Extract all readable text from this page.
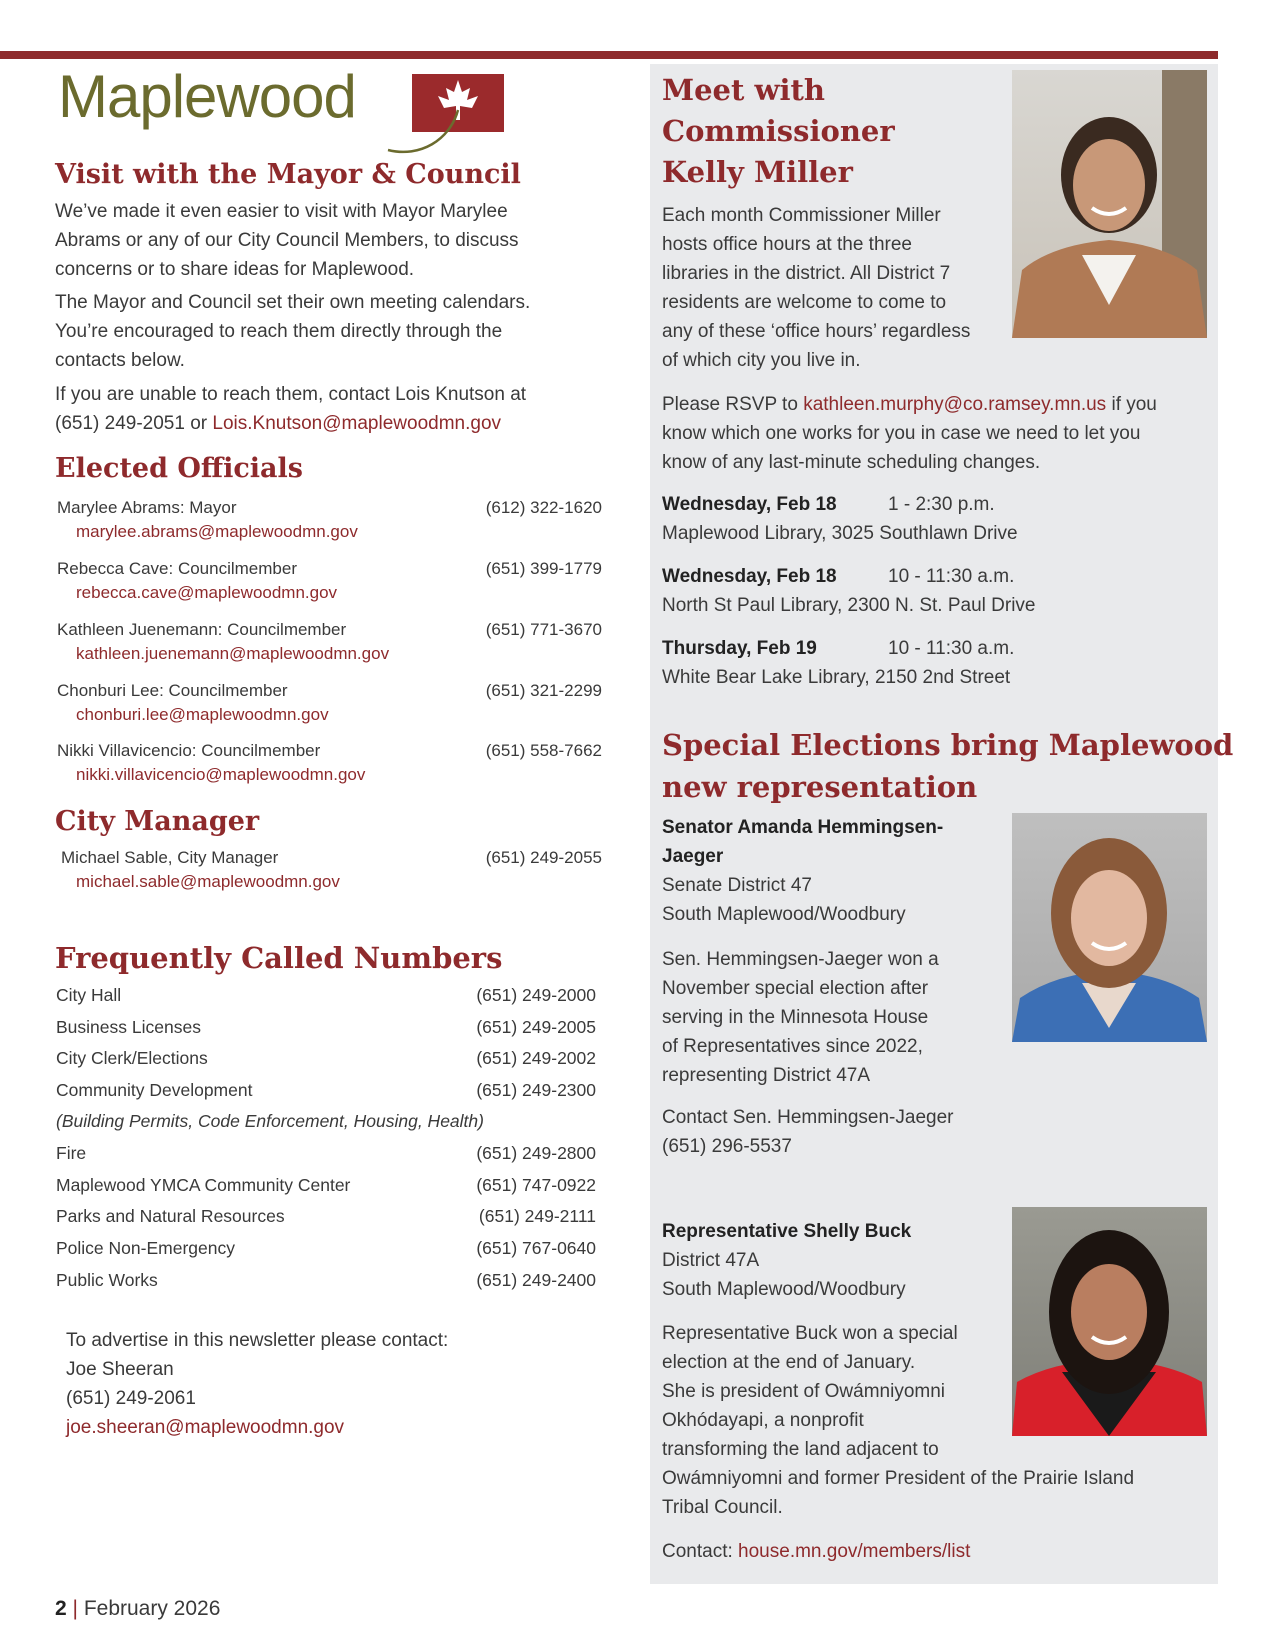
Maplewood
Visit with the Mayor & Council
We’ve made it even easier to visit with Mayor Marylee
Abrams or any of our City Council Members, to discuss
concerns or to share ideas for Maplewood.
The Mayor and Council set their own meeting calendars.
You’re encouraged to reach them directly through the
contacts below.
If you are unable to reach them, contact Lois Knutson at
(651) 249-2051 or Lois.Knutson@maplewoodmn.gov
Elected Officials
Marylee Abrams: Mayor	(612) 322-1620
marylee.abrams@maplewoodmn.gov
Rebecca Cave: Councilmember	(651) 399-1779
rebecca.cave@maplewoodmn.gov
Kathleen Juenemann: Councilmember	(651) 771-3670
kathleen.juenemann@maplewoodmn.gov
Chonburi Lee: Councilmember	(651) 321-2299
chonburi.lee@maplewoodmn.gov
Nikki Villavicencio: Councilmember	(651) 558-7662
nikki.villavicencio@maplewoodmn.gov
City Manager
Michael Sable, City Manager	(651) 249-2055
michael.sable@maplewoodmn.gov
Frequently Called Numbers
City Hall	(651) 249-2000
Business Licenses	(651) 249-2005
City Clerk/Elections	(651) 249-2002
Community Development	(651) 249-2300
(Building Permits, Code Enforcement, Housing, Health)
Fire	(651) 249-2800
Maplewood YMCA Community Center	(651) 747-0922
Parks and Natural Resources	(651) 249-2111
Police Non-Emergency	(651) 767-0640
Public Works	(651) 249-2400
To advertise in this newsletter please contact:
Joe Sheeran
(651) 249-2061
joe.sheeran@maplewoodmn.gov
2 | February 2026
Meet with
Commissioner
Kelly Miller
Each month Commissioner Miller
hosts office hours at the three
libraries in the district. All District 7
residents are welcome to come to
any of these ‘office hours’ regardless
of which city you live in.
Please RSVP to kathleen.murphy@co.ramsey.mn.us if you
know which one works for you in case we need to let you
know of any last-minute scheduling changes.
Wednesday, Feb 18	1 - 2:30 p.m.
Maplewood Library, 3025 Southlawn Drive
Wednesday, Feb 18	10 - 11:30 a.m.
North St Paul Library, 2300 N. St. Paul Drive
Thursday, Feb 19	10 - 11:30 a.m.
White Bear Lake Library, 2150 2nd Street
Special Elections bring Maplewood
new representation
Senator Amanda Hemmingsen-
Jaeger
Senate District 47
South Maplewood/Woodbury
Sen. Hemmingsen-Jaeger won a
November special election after
serving in the Minnesota House
of Representatives since 2022,
representing District 47A
Contact Sen. Hemmingsen-Jaeger
(651) 296-5537
Representative Shelly Buck
District 47A
South Maplewood/Woodbury
Representative Buck won a special
election at the end of January.
She is president of Owámniyomni
Okhódayapi, a nonprofit
transforming the land adjacent to
Owámniyomni and former President of the Prairie Island
Tribal Council.
Contact: house.mn.gov/members/list
